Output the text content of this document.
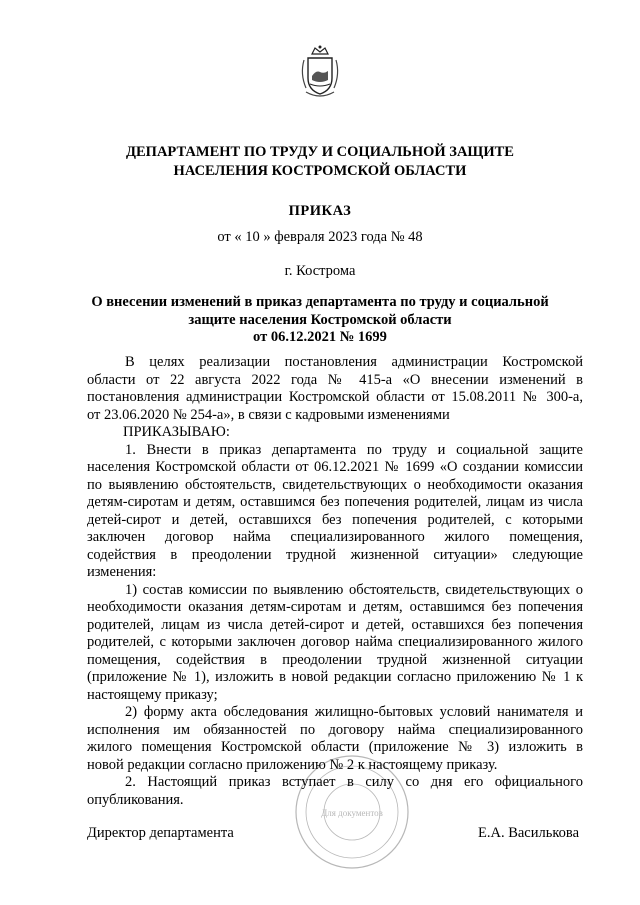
ДЕПАРТАМЕНТ ПО ТРУДУ И СОЦИАЛЬНОЙ ЗАЩИТЕ
НАСЕЛЕНИЯ КОСТРОМСКОЙ ОБЛАСТИ
ПРИКАЗ
от « 10 » февраля 2023 года № 48
г. Кострома
О внесении изменений в приказ департамента по труду и социальной
защите населения Костромской области
от 06.12.2021 № 1699
В целях реализации постановления администрации Костромской
области от 22 августа 2022 года № 415-а «О внесении изменений в
постановления администрации Костромской области от 15.08.2011 № 300-а,
от 23.06.2020 № 254-а», в связи с кадровыми изменениями

ПРИКАЗЫВАЮ:

1. Внести в приказ департамента по труду и социальной защите
населения Костромской области от 06.12.2021 № 1699 «О создании комиссии
по выявлению обстоятельств, свидетельствующих о необходимости оказания
детям-сиротам и детям, оставшимся без попечения родителей, лицам из числа
детей-сирот и детей, оставшихся без попечения родителей, с которыми
заключен договор найма специализированного жилого помещения,
содействия в преодолении трудной жизненной ситуации» следующие
изменения:
1) состав комиссии по выявлению обстоятельств, свидетельствующих о
необходимости оказания детям-сиротам и детям, оставшимся без попечения
родителей, лицам из числа детей-сирот и детей, оставшихся без попечения
родителей, с которыми заключен договор найма специализированного жилого
помещения, содействия в преодолении трудной жизненной ситуации
(приложение № 1), изложить в новой редакции согласно приложению № 1 к
настоящему приказу;
2) форму акта обследования жилищно-бытовых условий нанимателя и
исполнения им обязанностей по договору найма специализированного
жилого помещения Костромской области (приложение № 3) изложить в
новой редакции согласно приложению № 2 к настоящему приказу.
2. Настоящий приказ вступает в силу со дня его официального
опубликования.
Для документов
Директор департамента	Е.А. Василькова
